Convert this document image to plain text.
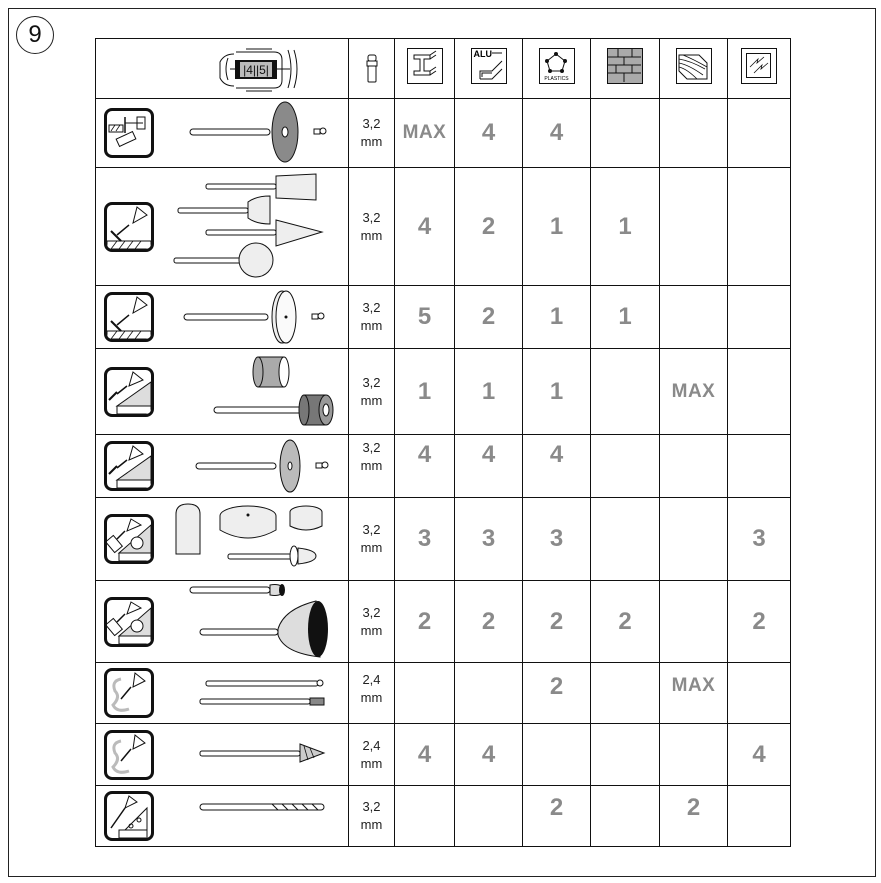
9
|4||5|			ALU	PLASTICS

	3,2
mm	MAX	4	4			

	3,2
mm	4	2	1	1		

	3,2
mm	5	2	1	1		

	3,2
mm	1	1	1		MAX	

	3,2
mm	4	4	4			

	3,2
mm	3	3	3			3

	3,2
mm	2	2	2	2		2

	2,4
mm			2		MAX	

	2,4
mm	4	4				4

	3,2
mm			2		2	
